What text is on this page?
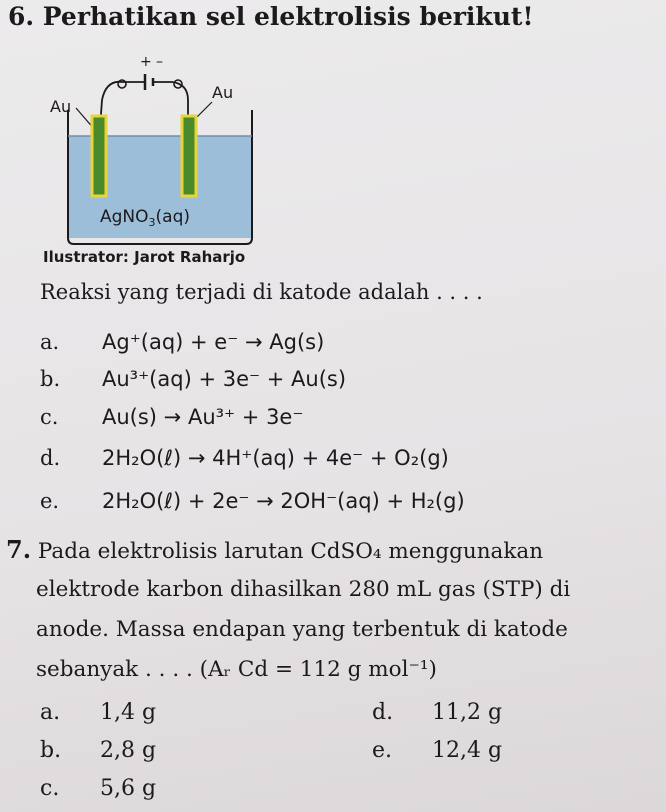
6. Perhatikan sel elektrolisis berikut!
+ –
Au
Au
AgNO$_3$(aq)
Ilustrator: Jarot Raharjo
Reaksi yang terjadi di katode adalah . . . .
a. Ag⁺(aq) + e⁻ → Ag(s)
b. Au³⁺(aq) + 3e⁻ + Au(s)
c. Au(s) → Au³⁺ + 3e⁻
d. 2H₂O(ℓ) → 4H⁺(aq) + 4e⁻ + O₂(g)
e. 2H₂O(ℓ) + 2e⁻ → 2OH⁻(aq) + H₂(g)
7. Pada elektrolisis larutan CdSO₄ menggunakan
elektrode karbon dihasilkan 280 mL gas (STP) di
anode. Massa endapan yang terbentuk di katode
sebanyak . . . . (Aᵣ Cd = 112 g mol⁻¹)
a. 1,4 g
b. 2,8 g
c. 5,6 g
d. 11,2 g
e. 12,4 g
